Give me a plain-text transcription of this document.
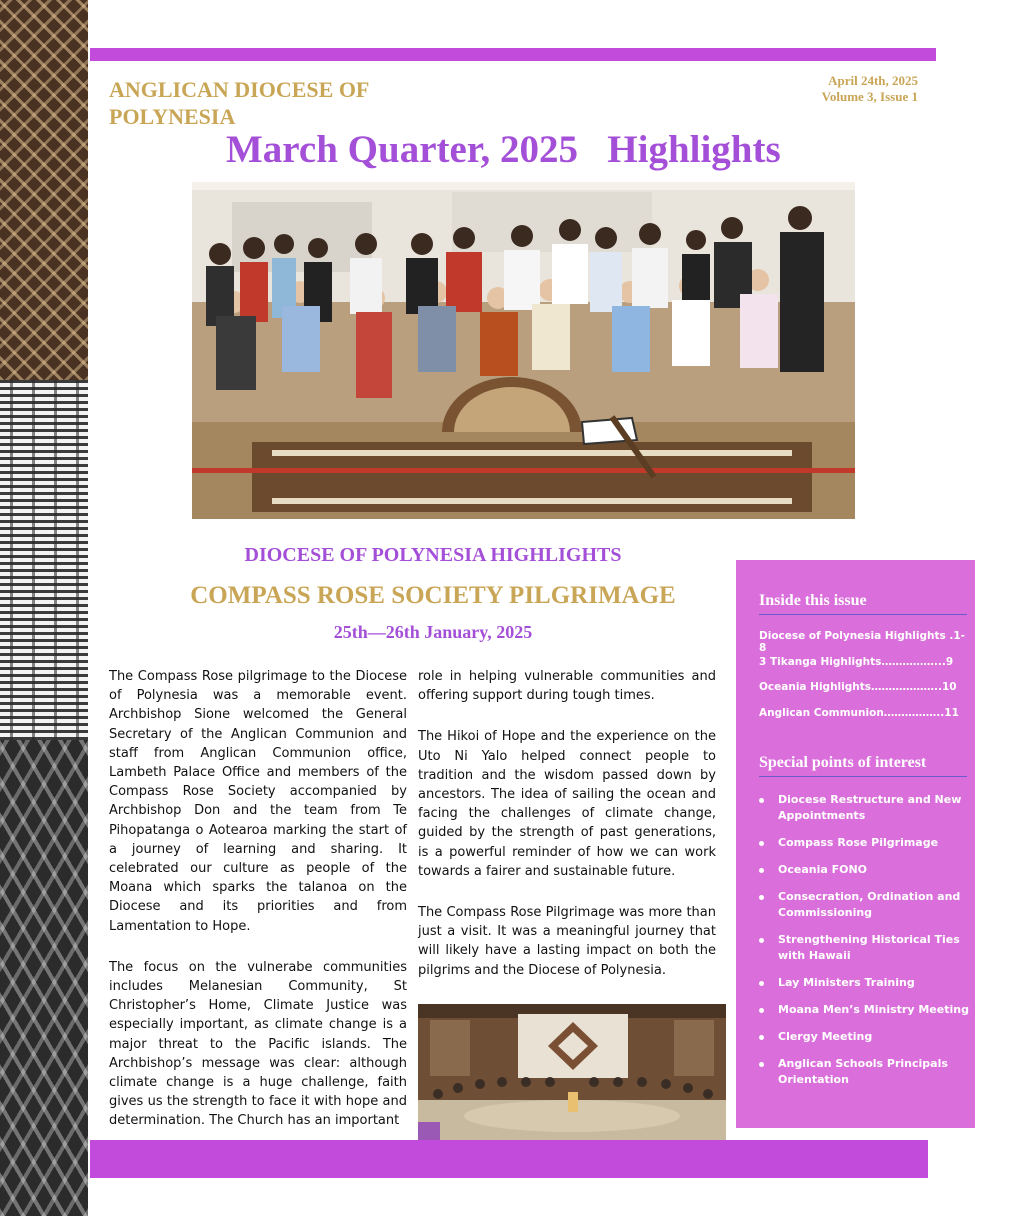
ANGLICAN DIOCESE OF POLYNESIA
April 24th, 2025
Volume 3, Issue 1
March Quarter, 2025   Highlights
DIOCESE OF POLYNESIA HIGHLIGHTS
COMPASS ROSE SOCIETY PILGRIMAGE
25th—26th January, 2025

The Compass Rose pilgrimage to the Diocese of Polynesia was a memorable event. Archbishop Sione welcomed the General Secretary of the Anglican Communion and staff from Anglican Communion office, Lambeth Palace Office and members of the Compass Rose Society accompanied by Archbishop Don and the team from Te Pihopatanga o Aotearoa marking the start of a journey of learning and sharing. It celebrated our culture as people of the Moana which sparks the talanoa on the Diocese and its priorities and from Lamentation to Hope.

The focus on the vulnerabe communities includes Melanesian Community, St Christopher’s Home, Climate Justice was especially important, as climate change is a major threat to the Pacific islands. The Archbishop’s message was clear: although climate change is a huge challenge, faith gives us the strength to face it with hope and determination. The Church has an important

role in helping vulnerable communities and offering support during tough times.

The Hikoi of Hope and the experience on the Uto Ni Yalo helped connect people to tradition and the wisdom passed down by ancestors. The idea of sailing the ocean and facing the challenges of climate change, guided by the strength of past generations, is a powerful reminder of how we can work towards a fairer and sustainable future.

The Compass Rose Pilgrimage was more than just a visit. It was a meaningful journey that will likely have a lasting impact on both the pilgrims and the Diocese of Polynesia.

Inside this issue
Diocese of Polynesia Highlights .1-8
3 Tikanga Highlights……………...9
Oceania Highlights………………..10
Anglican Communion……………..11
Special points of interest
Diocese Restructure and New Appointments
Compass Rose Pilgrimage
Oceania FONO
Consecration, Ordination and Commissioning
Strengthening Historical Ties with Hawaii
Lay Ministers Training
Moana Men’s Ministry Meeting
Clergy Meeting
Anglican Schools Principals Orientation
